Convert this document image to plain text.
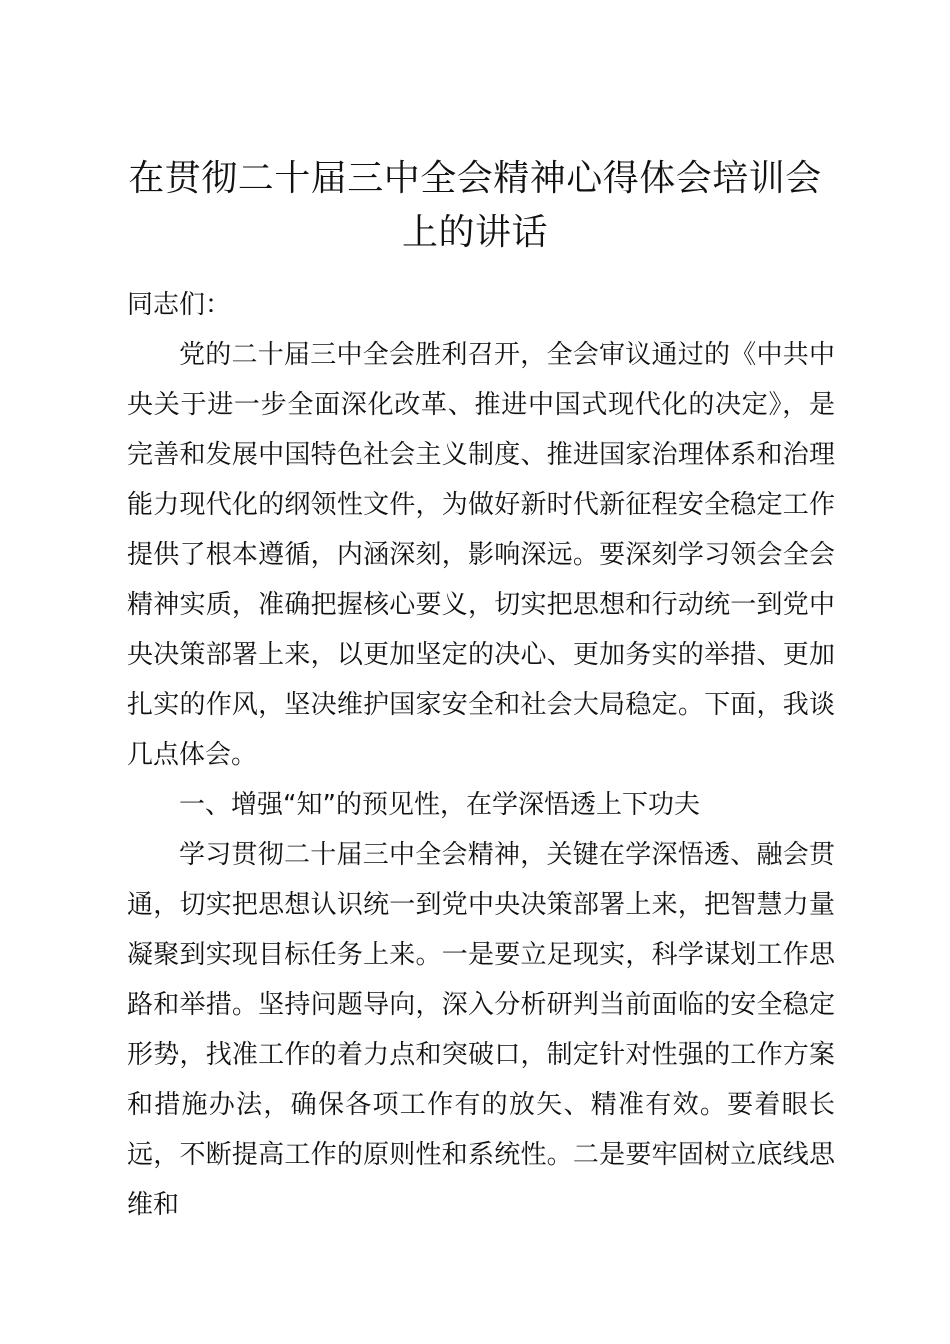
在贯彻二十届三中全会精神心得体会培训会上的讲话

同志们：

党的二十届三中全会胜利召开，全会审议通过的《中共中央关于进一步全面深化改革、推进中国式现代化的决定》，是完善和发展中国特色社会主义制度、推进国家治理体系和治理能力现代化的纲领性文件，为做好新时代新征程安全稳定工作提供了根本遵循，内涵深刻，影响深远。要深刻学习领会全会精神实质，准确把握核心要义，切实把思想和行动统一到党中央决策部署上来，以更加坚定的决心、更加务实的举措、更加扎实的作风，坚决维护国家安全和社会大局稳定。下面，我谈几点体会。

一、增强“知”的预见性，在学深悟透上下功夫

学习贯彻二十届三中全会精神，关键在学深悟透、融会贯通，切实把思想认识统一到党中央决策部署上来，把智慧力量凝聚到实现目标任务上来。一是要立足现实，科学谋划工作思路和举措。坚持问题导向，深入分析研判当前面临的安全稳定形势，找准工作的着力点和突破口，制定针对性强的工作方案和措施办法，确保各项工作有的放矢、精准有效。要着眼长远，不断提高工作的原则性和系统性。二是要牢固树立底线思维和
